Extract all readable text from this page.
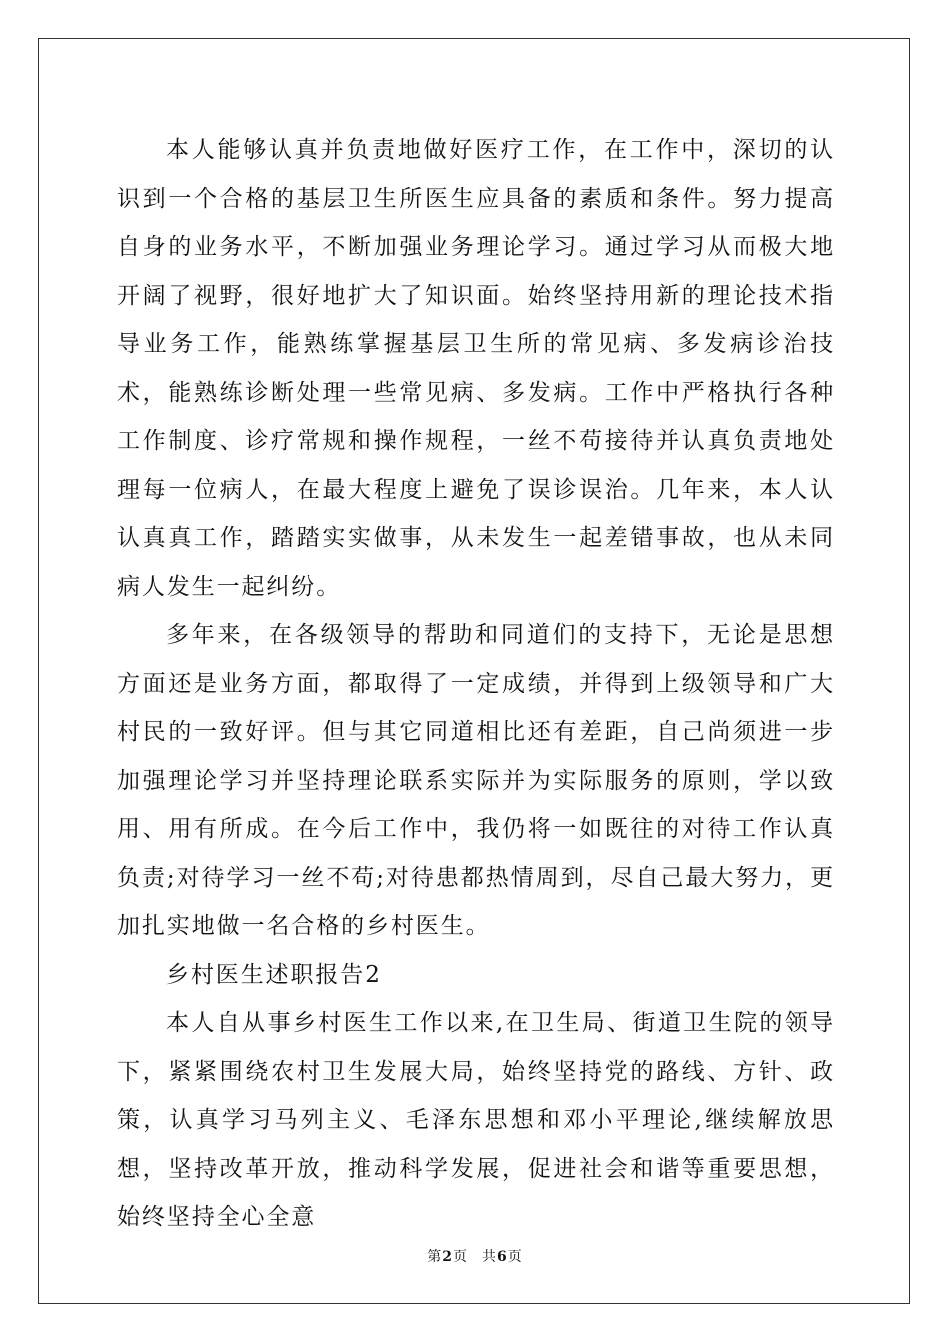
本人能够认真并负责地做好医疗工作，在工作中，深切的认识到一个合格的基层卫生所医生应具备的素质和条件。努力提高自身的业务水平，不断加强业务理论学习。通过学习从而极大地开阔了视野，很好地扩大了知识面。始终坚持用新的理论技术指导业务工作，能熟练掌握基层卫生所的常见病、多发病诊治技术，能熟练诊断处理一些常见病、多发病。工作中严格执行各种工作制度、诊疗常规和操作规程，一丝不苟接待并认真负责地处理每一位病人，在最大程度上避免了误诊误治。几年来，本人认认真真工作，踏踏实实做事，从未发生一起差错事故，也从未同病人发生一起纠纷。

多年来，在各级领导的帮助和同道们的支持下，无论是思想方面还是业务方面，都取得了一定成绩，并得到上级领导和广大村民的一致好评。但与其它同道相比还有差距，自己尚须进一步加强理论学习并坚持理论联系实际并为实际服务的原则，学以致用、用有所成。在今后工作中，我仍将一如既往的对待工作认真负责;对待学习一丝不苟;对待患都热情周到，尽自己最大努力，更加扎实地做一名合格的乡村医生。

乡村医生述职报告2

本人自从事乡村医生工作以来,在卫生局、街道卫生院的领导下，紧紧围绕农村卫生发展大局，始终坚持党的路线、方针、政策，认真学习马列主义、毛泽东思想和邓小平理论,继续解放思想，坚持改革开放，推动科学发展，促进社会和谐等重要思想，始终坚持全心全意

第2页 共6页
